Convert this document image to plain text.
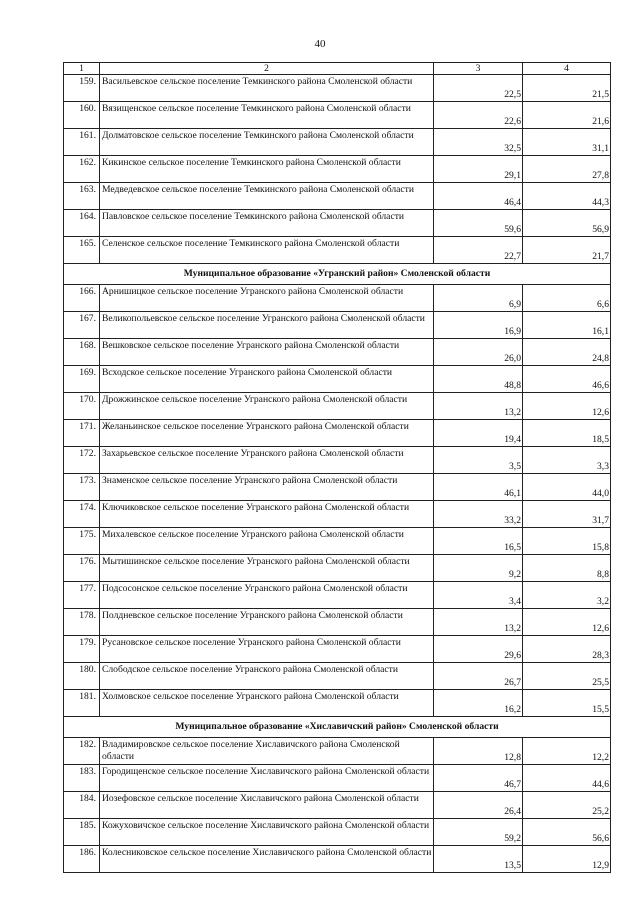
40
1	2	3	4
159.	Васильевское сельское поселение Темкинского района Смоленской области	22,5	21,5
160.	Вязищенское сельское поселение Темкинского района Смоленской области	22,6	21,6
161.	Долматовское сельское поселение Темкинского района Смоленской области	32,5	31,1
162.	Кикинское сельское поселение Темкинского района Смоленской области	29,1	27,8
163.	Медведевское сельское поселение Темкинского района Смоленской области	46,4	44,3
164.	Павловское сельское поселение Темкинского района Смоленской области	59,6	56,9
165.	Селенское сельское поселение Темкинского района Смоленской области	22,7	21,7
Муниципальное образование «Угранский район» Смоленской области			
166.	Арнишицкое сельское поселение Угранского района Смоленской области	6,9	6,6
167.	Великопольевское сельское поселение Угранского района Смоленской области	16,9	16,1
168.	Вешковское сельское поселение Угранского района Смоленской области	26,0	24,8
169.	Всходское сельское поселение Угранского района Смоленской области	48,8	46,6
170.	Дрожжинское сельское поселение Угранского района Смоленской области	13,2	12,6
171.	Желаньинское сельское поселение Угранского района Смоленской области	19,4	18,5
172.	Захарьевское сельское поселение Угранского района Смоленской области	3,5	3,3
173.	Знаменское сельское поселение Угранского района Смоленской области	46,1	44,0
174.	Ключиковское сельское поселение Угранского района Смоленской области	33,2	31,7
175.	Михалевское сельское поселение Угранского района Смоленской области	16,5	15,8
176.	Мытишинское сельское поселение Угранского района Смоленской области	9,2	8,8
177.	Подсосонское сельское поселение Угранского района Смоленской области	3,4	3,2
178.	Полдневское сельское поселение Угранского района Смоленской области	13,2	12,6
179.	Русановское сельское поселение Угранского района Смоленской области	29,6	28,3
180.	Слободское сельское поселение Угранского района Смоленской области	26,7	25,5
181.	Холмовское сельское поселение Угранского района Смоленской области	16,2	15,5
Муниципальное образование «Хиславичский район» Смоленской области			
182.	Владимировское сельское поселение Хиславичского района Смоленской области	12,8	12,2
183.	Городищенское сельское поселение Хиславичского района Смоленской области	46,7	44,6
184.	Иозефовское сельское поселение Хиславичского района Смоленской области	26,4	25,2
185.	Кожуховичское сельское поселение Хиславичского района Смоленской области	59,2	56,6
186.	Колесниковское сельское поселение Хиславичского района Смоленской области	13,5	12,9
